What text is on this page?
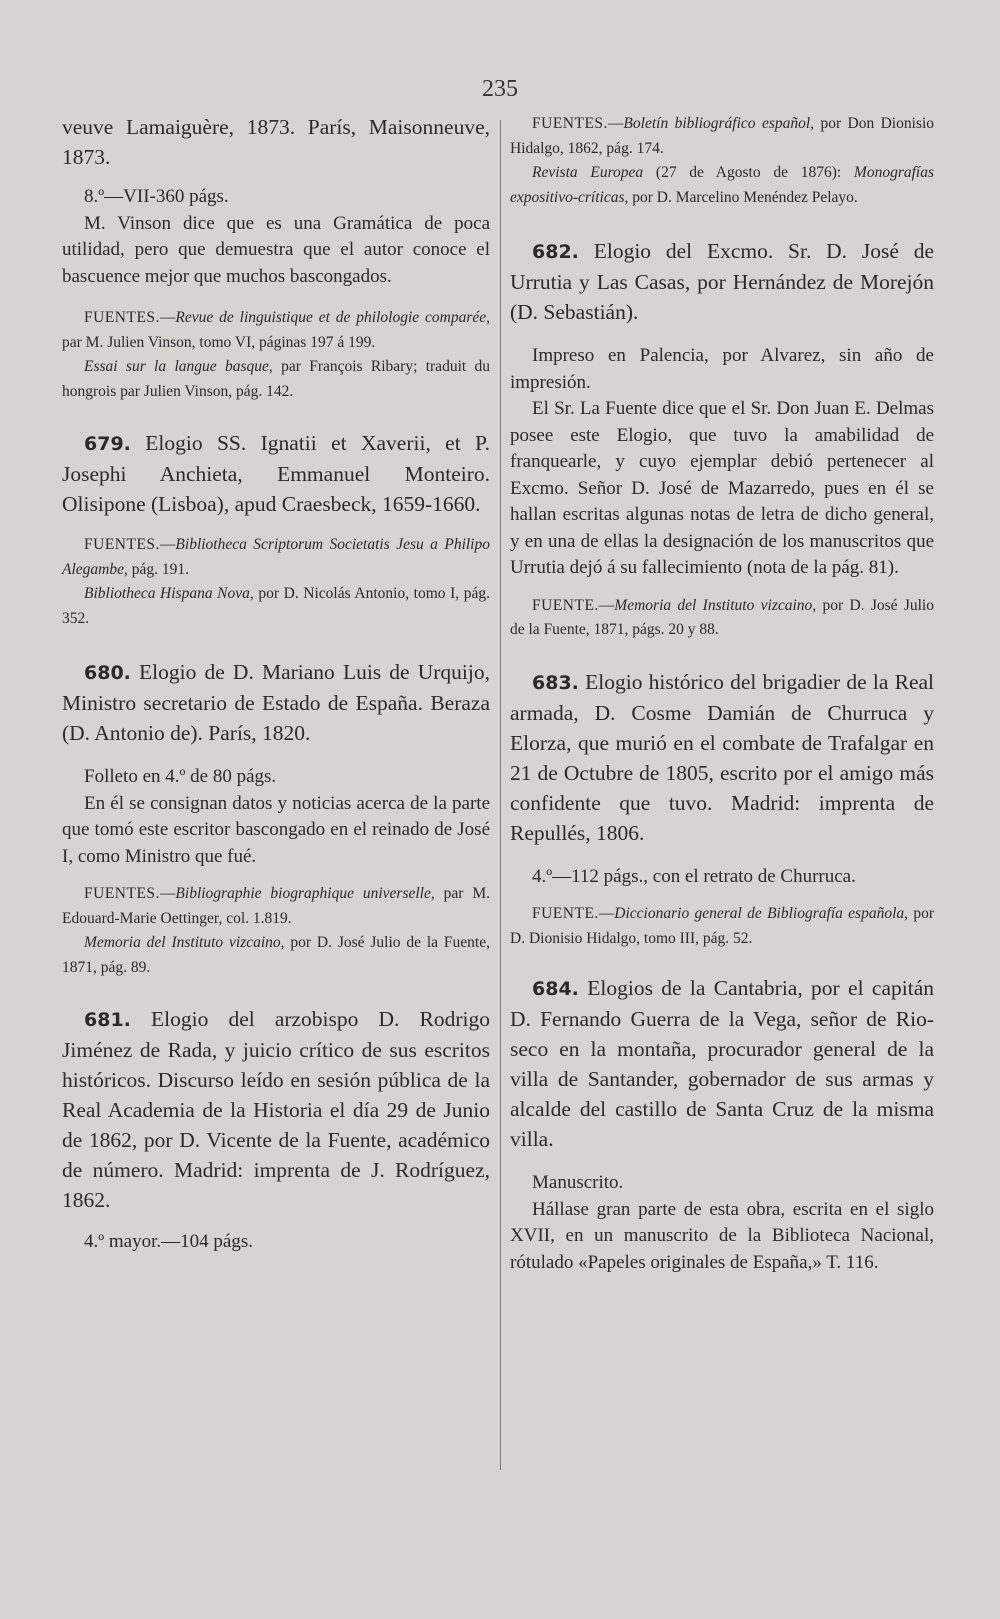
235

veuve Lamaiguère, 1873. París, Maisonneuve, 1873.

8.º—VII-360 págs.

M. Vinson dice que es una Gramática de poca utilidad, pero que demuestra que el autor conoce el bascuence mejor que muchos bascongados.

FUENTES.—Revue de linguistique et de philologie comparée, par M. Julien Vinson, tomo VI, páginas 197 á 199.

Essai sur la langue basque, par François Ribary; traduit du hongrois par Julien Vinson, pág. 142.

679. Elogio SS. Ignatii et Xaverii, et P. Josephi Anchieta, Emmanuel Monteiro. Olisipone (Lisboa), apud Craesbeck, 1659-1660.

FUENTES.—Bibliotheca Scriptorum Societatis Jesu a Philipo Alegambe, pág. 191.

Bibliotheca Hispana Nova, por D. Nicolás Antonio, tomo I, pág. 352.

680. Elogio de D. Mariano Luis de Urquijo, Ministro secretario de Estado de España. Beraza (D. Antonio de). París, 1820.

Folleto en 4.º de 80 págs.

En él se consignan datos y noticias acerca de la parte que tomó este escritor bascongado en el reinado de José I, como Ministro que fué.

FUENTES.—Bibliographie biographique universelle, par M. Edouard-Marie Oettinger, col. 1.819.

Memoria del Instituto vizcaino, por D. José Julio de la Fuente, 1871, pág. 89.

681. Elogio del arzobispo D. Rodrigo Jiménez de Rada, y juicio crítico de sus escritos históricos. Discurso leído en sesión pública de la Real Academia de la Historia el día 29 de Junio de 1862, por D. Vicente de la Fuente, académico de número. Madrid: imprenta de J. Rodríguez, 1862.

4.º mayor.—104 págs.

FUENTES.—Boletín bibliográfico español, por Don Dionisio Hidalgo, 1862, pág. 174.

Revista Europea (27 de Agosto de 1876): Monografías expositivo-críticas, por D. Marcelino Menéndez Pelayo.

682. Elogio del Excmo. Sr. D. José de Urrutia y Las Casas, por Hernández de Morejón (D. Sebastián).

Impreso en Palencia, por Alvarez, sin año de impresión.

El Sr. La Fuente dice que el Sr. Don Juan E. Delmas posee este Elogio, que tuvo la amabilidad de franquearle, y cuyo ejemplar debió pertenecer al Excmo. Señor D. José de Mazarredo, pues en él se hallan escritas algunas notas de letra de dicho general, y en una de ellas la designación de los manuscritos que Urrutia dejó á su fallecimiento (nota de la pág. 81).

FUENTE.—Memoria del Instituto vizcaino, por D. José Julio de la Fuente, 1871, págs. 20 y 88.

683. Elogio histórico del brigadier de la Real armada, D. Cosme Damián de Churruca y Elorza, que murió en el combate de Trafalgar en 21 de Octubre de 1805, escrito por el amigo más confidente que tuvo. Madrid: imprenta de Repullés, 1806.

4.º—112 págs., con el retrato de Churruca.

FUENTE.—Diccionario general de Bibliografía española, por D. Dionisio Hidalgo, tomo III, pág. 52.

684. Elogios de la Cantabria, por el capitán D. Fernando Guerra de la Vega, señor de Rio-seco en la montaña, procurador general de la villa de Santander, gobernador de sus armas y alcalde del castillo de Santa Cruz de la misma villa.

Manuscrito.

Hállase gran parte de esta obra, escrita en el siglo XVII, en un manuscrito de la Biblioteca Nacional, rótulado «Papeles originales de España,» T. 116.
